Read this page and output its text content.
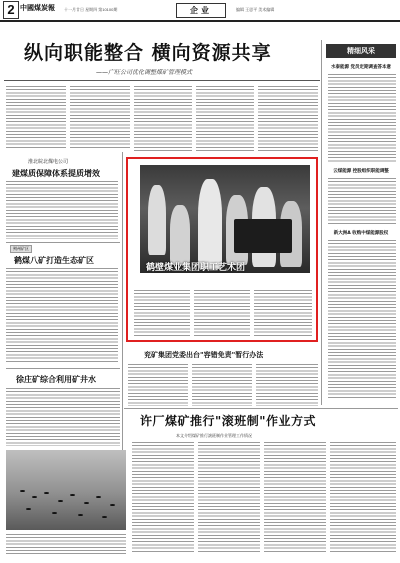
2 中國煤炭報 十一月廿日 星期四 第10100期	企业	编辑 王思平 美术编辑
纵向职能整合 横向资源共享
——广旺公司优化调整煤矿管理模式
淮北皖北煤电公司
建煤质保障体系提质增效
朔州矿区
鹤煤八矿打造生态矿区
徐庄矿综合利用矿井水
鹤壁煤业集团职工艺术团
兖矿集团党委出台"容错免责"暂行办法
精细风采
水泰能源 党员定期调查答本意
云煤能源 控股组织职能调整
新大洲A 收购中煤能源股权
许厂煤矿推行"滚班制"作业方式
本文介绍煤矿推行滚班制作业管理工作情况
